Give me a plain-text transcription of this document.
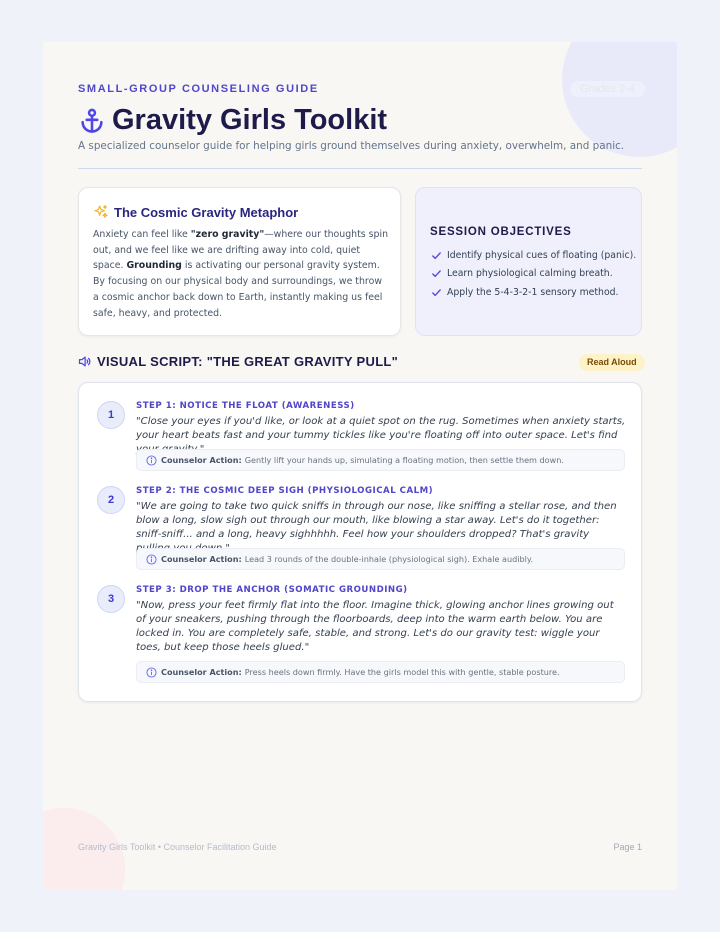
SMALL-GROUP COUNSELING GUIDE	Grades 2-4
Gravity Girls Toolkit
A specialized counselor guide for helping girls ground themselves during anxiety, overwhelm, and panic.
The Cosmic Gravity Metaphor

Anxiety can feel like "zero gravity"—where our thoughts spin out, and we feel like we are drifting away into cold, quiet space. Grounding is activating our personal gravity system. By focusing on our physical body and surroundings, we throw a cosmic anchor back down to Earth, instantly making us feel safe, heavy, and protected.

SESSION OBJECTIVES
Identify physical cues of floating (panic).
Learn physiological calming breath.
Apply the 5-4-3-2-1 sensory method.
VISUAL SCRIPT: "THE GREAT GRAVITY PULL"	Read Aloud
1
STEP 1: NOTICE THE FLOAT (AWARENESS)
"Close your eyes if you'd like, or look at a quiet spot on the rug. Sometimes when anxiety starts, your heart beats fast and your tummy tickles like you're floating off into outer space. Let's find
Counselor Action: Gently lift your hands up, simulating a floating motion, then settle them down.
2
STEP 2: THE COSMIC DEEP SIGH (PHYSIOLOGICAL CALM)
"We are going to take two quick sniffs in through our nose, like sniffing a stellar rose, and then blow a long, slow sigh out through our mouth, like blowing a star away. Let's do it together: sniff-sniff... and a long, heavy sighhhhh. Feel how your shoulders dropped? That's gravity
Counselor Action: Lead 3 rounds of the double-inhale (physiological sigh). Exhale audibly.
3
STEP 3: DROP THE ANCHOR (SOMATIC GROUNDING)
"Now, press your feet firmly flat into the floor. Imagine thick, glowing anchor lines growing out of your sneakers, pushing through the floorboards, deep into the warm earth below. You are locked in. You are completely safe, stable, and strong. Let's do our gravity test: wiggle your toes, but keep those heels glued."
Counselor Action: Press heels down firmly. Have the girls model this with gentle, stable posture.
Gravity Girls Toolkit • Counselor Facilitation Guide	Page 1
